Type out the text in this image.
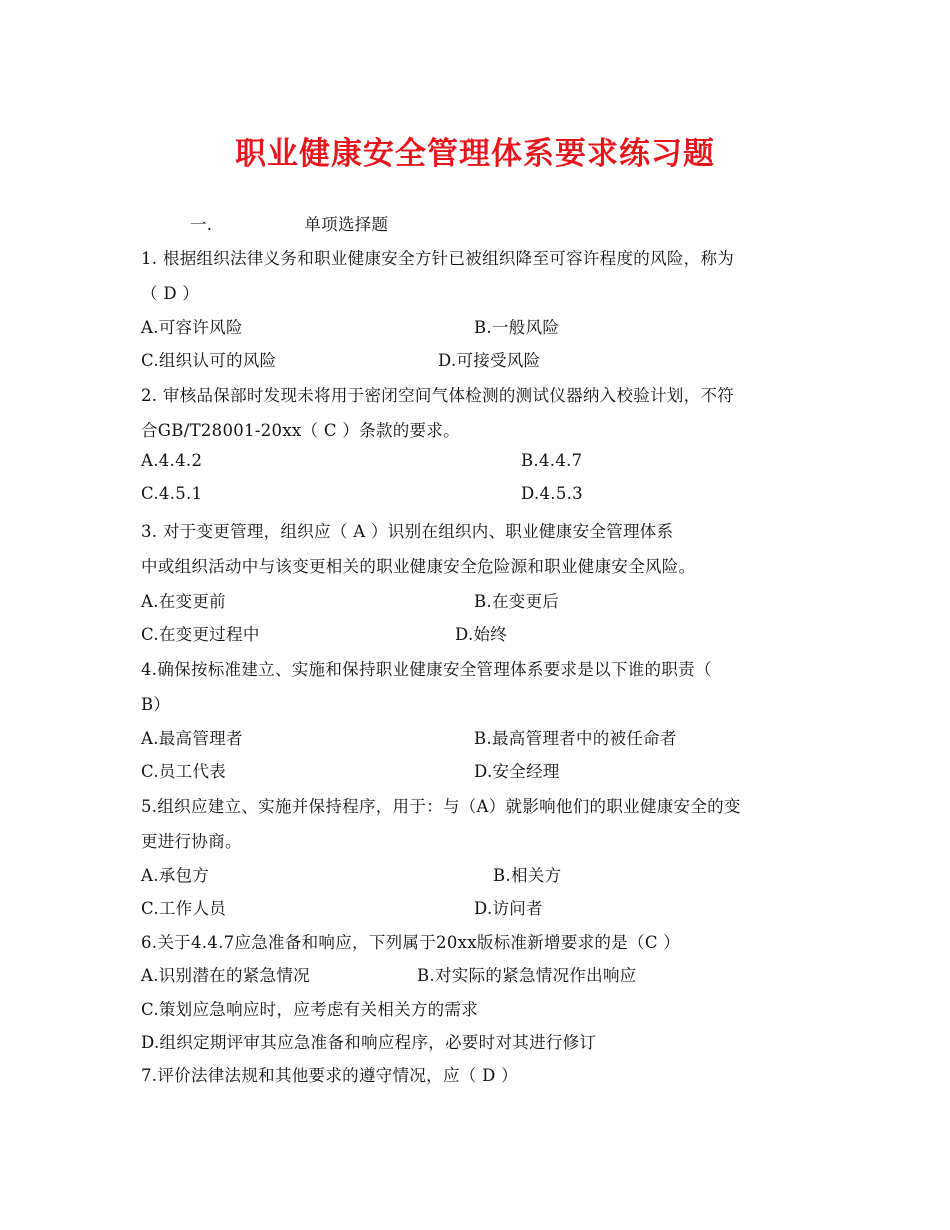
职业健康安全管理体系要求练习题
一.	单项选择题
1. 根据组织法律义务和职业健康安全方针已被组织降至可容许程度的风险，称为
（ D ）
A.可容许风险	B.一般风险
C.组织认可的风险	D.可接受风险
2. 审核品保部时发现未将用于密闭空间气体检测的测试仪器纳入校验计划，不符
合GB/T28001-20xx（ C ）条款的要求。
A.4.4.2	B.4.4.7
C.4.5.1	D.4.5.3
3. 对于变更管理，组织应（ A ）识别在组织内、职业健康安全管理体系
中或组织活动中与该变更相关的职业健康安全危险源和职业健康安全风险。
A.在变更前	B.在变更后
C.在变更过程中	D.始终
4.确保按标准建立、实施和保持职业健康安全管理体系要求是以下谁的职责（
B）
A.最高管理者	B.最高管理者中的被任命者
C.员工代表	D.安全经理
5.组织应建立、实施并保持程序，用于：与（A）就影响他们的职业健康安全的变
更进行协商。
A.承包方	B.相关方
C.工作人员	D.访问者
6.关于4.4.7应急准备和响应，下列属于20xx版标准新增要求的是（C ）
A.识别潜在的紧急情况	B.对实际的紧急情况作出响应
C.策划应急响应时，应考虑有关相关方的需求
D.组织定期评审其应急准备和响应程序，必要时对其进行修订
7.评价法律法规和其他要求的遵守情况，应（ D ）
